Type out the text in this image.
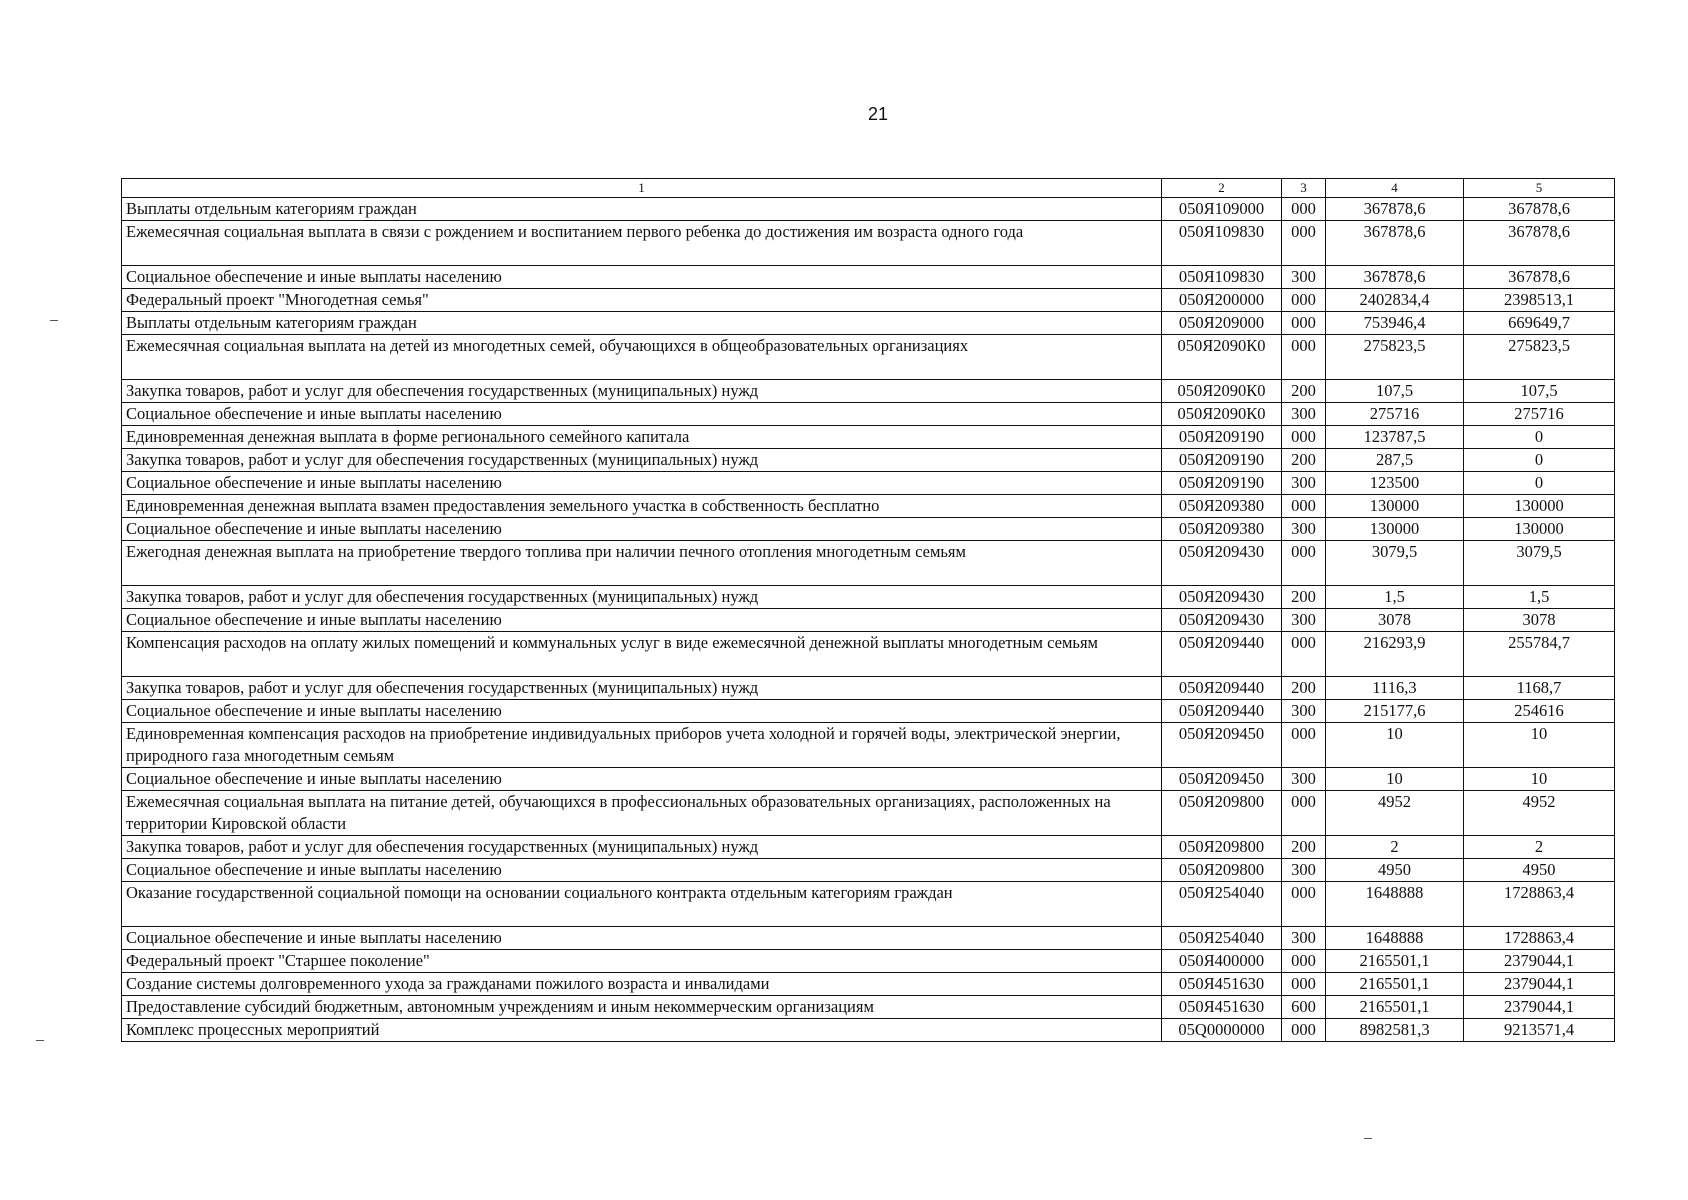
21
1	2	3	4	5
Выплаты отдельным категориям граждан	050Я109000	000	367878,6	367878,6
Ежемесячная социальная выплата в связи с рождением и воспитанием первого ребенка до достижения им возраста одного года	050Я109830	000	367878,6	367878,6
Социальное обеспечение и иные выплаты населению	050Я109830	300	367878,6	367878,6
Федеральный проект "Многодетная семья"	050Я200000	000	2402834,4	2398513,1
Выплаты отдельным категориям граждан	050Я209000	000	753946,4	669649,7
Ежемесячная социальная выплата на детей из многодетных семей, обучающихся в общеобразовательных организациях	050Я2090К0	000	275823,5	275823,5
Закупка товаров, работ и услуг для обеспечения государственных (муниципальных) нужд	050Я2090К0	200	107,5	107,5
Социальное обеспечение и иные выплаты населению	050Я2090К0	300	275716	275716
Единовременная денежная выплата в форме регионального семейного капитала	050Я209190	000	123787,5	0
Закупка товаров, работ и услуг для обеспечения государственных (муниципальных) нужд	050Я209190	200	287,5	0
Социальное обеспечение и иные выплаты населению	050Я209190	300	123500	0
Единовременная денежная выплата взамен предоставления земельного участка в собственность бесплатно	050Я209380	000	130000	130000
Социальное обеспечение и иные выплаты населению	050Я209380	300	130000	130000
Ежегодная денежная выплата на приобретение твердого топлива при наличии печного отопления многодетным семьям	050Я209430	000	3079,5	3079,5
Закупка товаров, работ и услуг для обеспечения государственных (муниципальных) нужд	050Я209430	200	1,5	1,5
Социальное обеспечение и иные выплаты населению	050Я209430	300	3078	3078
Компенсация расходов на оплату жилых помещений и коммунальных услуг в виде ежемесячной денежной выплаты многодетным семьям	050Я209440	000	216293,9	255784,7
Закупка товаров, работ и услуг для обеспечения государственных (муниципальных) нужд	050Я209440	200	1116,3	1168,7
Социальное обеспечение и иные выплаты населению	050Я209440	300	215177,6	254616
Единовременная компенсация расходов на приобретение индивидуальных приборов учета холодной и горячей воды, электрической энергии, природного газа многодетным семьям	050Я209450	000	10	10
Социальное обеспечение и иные выплаты населению	050Я209450	300	10	10
Ежемесячная социальная выплата на питание детей, обучающихся в профессиональных образовательных организациях, расположенных на территории Кировской области	050Я209800	000	4952	4952
Закупка товаров, работ и услуг для обеспечения государственных (муниципальных) нужд	050Я209800	200	2	2
Социальное обеспечение и иные выплаты населению	050Я209800	300	4950	4950
Оказание государственной социальной помощи на основании социального контракта отдельным категориям граждан	050Я254040	000	1648888	1728863,4
Социальное обеспечение и иные выплаты населению	050Я254040	300	1648888	1728863,4
Федеральный проект "Старшее поколение"	050Я400000	000	2165501,1	2379044,1
Создание системы долговременного ухода за гражданами пожилого возраста и инвалидами	050Я451630	000	2165501,1	2379044,1
Предоставление субсидий бюджетным, автономным учреждениям и иным некоммерческим организациям	050Я451630	600	2165501,1	2379044,1
Комплекс процессных мероприятий	05Q0000000	000	8982581,3	9213571,4
